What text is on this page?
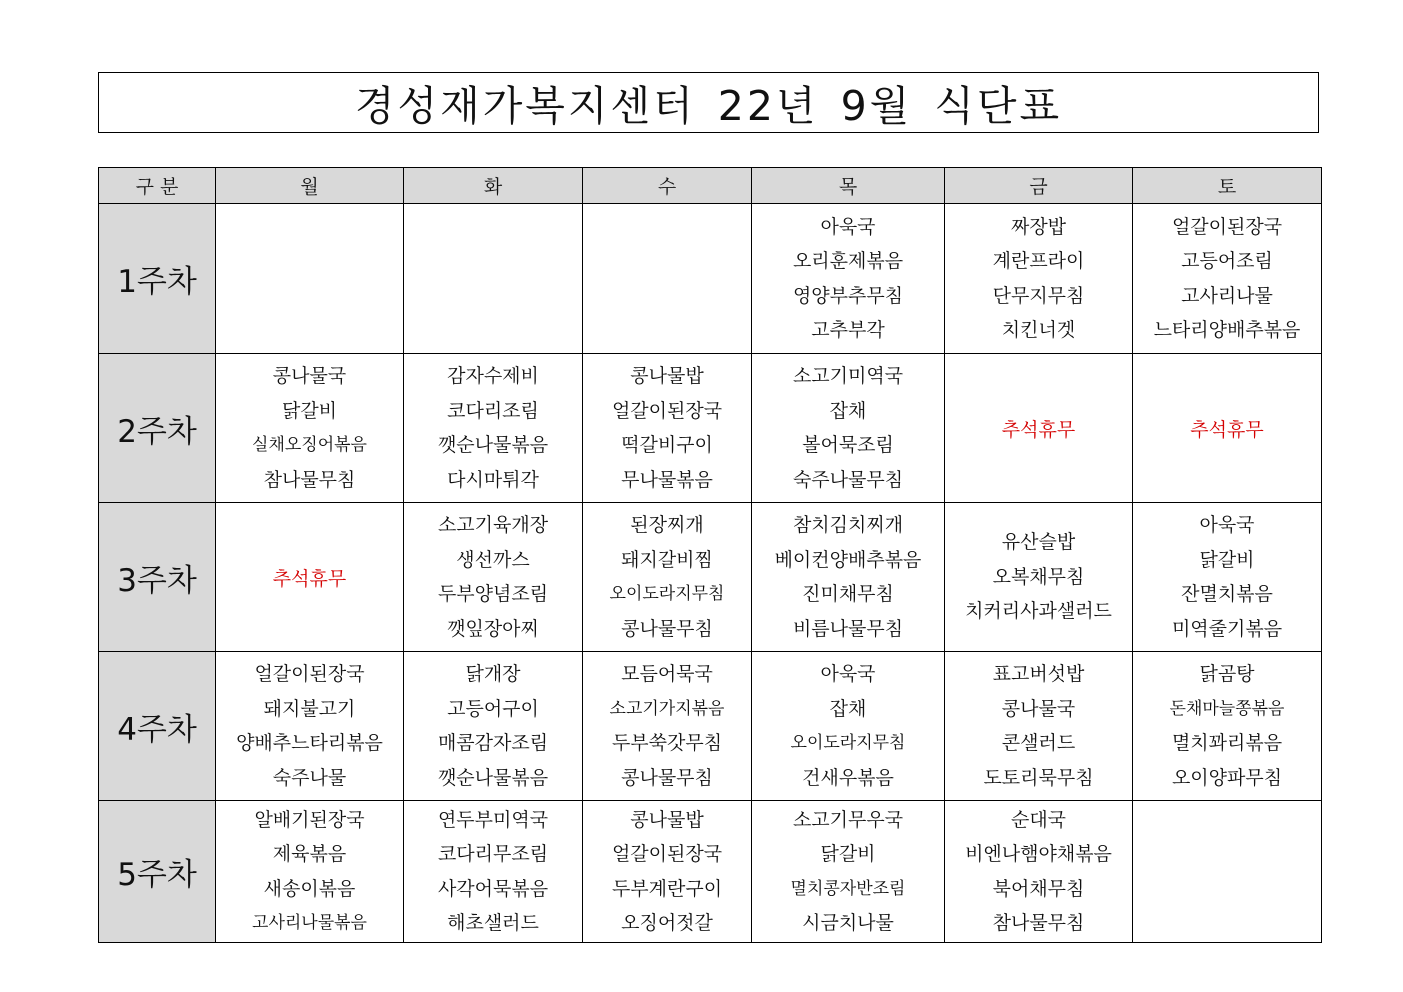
경성재가복지센터 22년 9월 식단표
구 분	월	화	수	목	금	토
1주차				아욱국
오리훈제볶음
영양부추무침
고추부각	짜장밥
계란프라이
단무지무침
치킨너겟	얼갈이된장국
고등어조림
고사리나물
느타리양배추볶음

2주차	콩나물국
닭갈비
실채오징어볶음
참나물무침	감자수제비
코다리조림
깻순나물볶음
다시마튀각	콩나물밥
얼갈이된장국
떡갈비구이
무나물볶음	소고기미역국
잡채
볼어묵조림
숙주나물무침	추석휴무	추석휴무
3주차	추석휴무	소고기육개장
생선까스
두부양념조림
깻잎장아찌	된장찌개
돼지갈비찜
오이도라지무침
콩나물무침	참치김치찌개
베이컨양배추볶음
진미채무침
비름나물무침	유산슬밥
오복채무침
치커리사과샐러드	아욱국
닭갈비
잔멸치볶음
미역줄기볶음

4주차	얼갈이된장국
돼지불고기
양배추느타리볶음
숙주나물	닭개장
고등어구이
매콤감자조림
깻순나물볶음	모듬어묵국
소고기가지볶음
두부쑥갓무침
콩나물무침	아욱국
잡채
오이도라지무침
건새우볶음	표고버섯밥
콩나물국
콘샐러드
도토리묵무침	닭곰탕
돈채마늘쫑볶음
멸치꽈리볶음
오이양파무침

5주차	알배기된장국
제육볶음
새송이볶음
고사리나물볶음	연두부미역국
코다리무조림
사각어묵볶음
해초샐러드	콩나물밥
얼갈이된장국
두부계란구이
오징어젓갈	소고기무우국
닭갈비
멸치콩자반조림
시금치나물	순대국
비엔나햄야채볶음
북어채무침
참나물무침	
